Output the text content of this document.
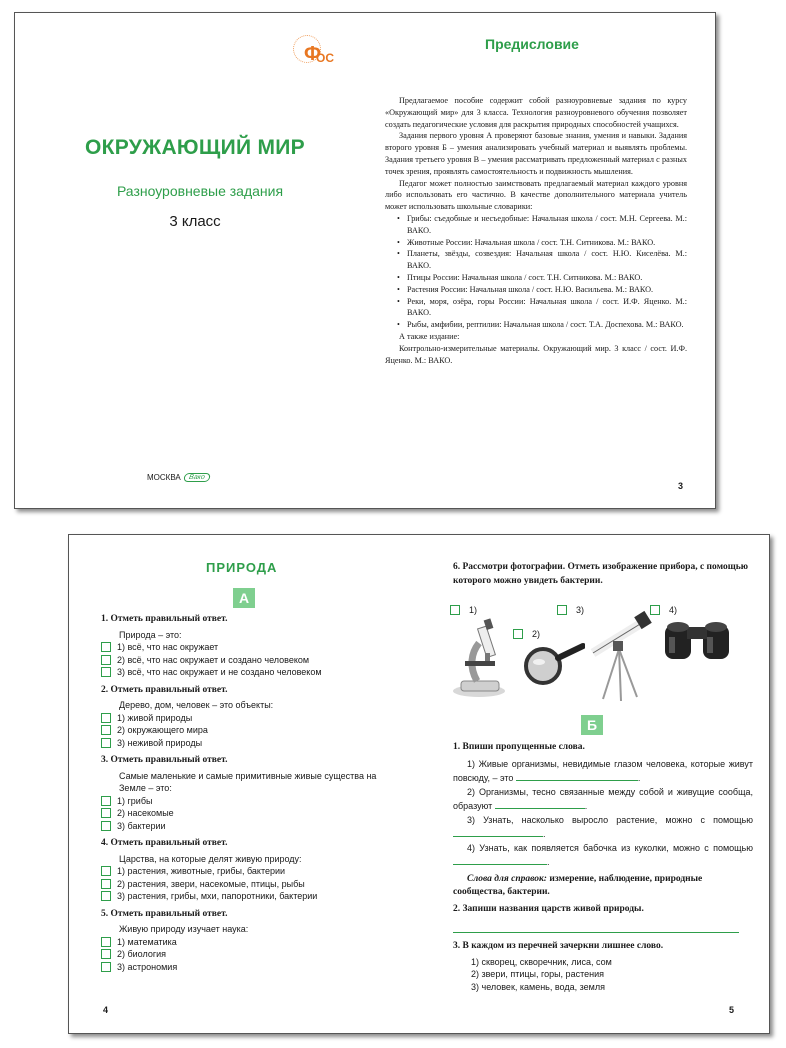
Ф
ОС
ОКРУЖАЮЩИЙ МИР
Разноуровневые задания
3 класс
МОСКВА	Вако
Предисловие

Предлагаемое пособие содержит собой разноуровневые задания по курсу «Окружающий мир» для 3 класса. Технология разноуровневого обучения позволяет создать педагогические условия для раскрытия природных способностей учащихся.

Задания первого уровня А проверяют базовые знания, умения и навыки. Задания второго уровня Б – умения анализировать учебный материал и выявлять проблемы. Задания третьего уровня В – умения рассматривать предложенный материал с разных точек зрения, проявлять самостоятельность и подвижность мышления.

Педагог может полностью заимствовать предлагаемый материал каждого уровня либо использовать его частично. В качестве дополнительного материала учитель может использовать школьные словарики:

• Грибы: съедобные и несъедобные: Начальная школа / сост. М.Н. Сергеева. М.: ВАКО.
• Животные России: Начальная школа / сост. Т.Н. Ситникова. М.: ВАКО.
• Планеты, звёзды, созвездия: Начальная школа / сост. Н.Ю. Киселёва. М.: ВАКО.
• Птицы России: Начальная школа / сост. Т.Н. Ситникова. М.: ВАКО.
• Растения России: Начальная школа / сост. Н.Ю. Васильева. М.: ВАКО.
• Реки, моря, озёра, горы России: Начальная школа / сост. И.Ф. Яценко. М.: ВАКО.
• Рыбы, амфибии, рептилии: Начальная школа / сост. Т.А. Доспехова. М.: ВАКО.

А также издание:

Контрольно-измерительные материалы. Окружающий мир. 3 класс / сост. И.Ф. Яценко. М.: ВАКО.

3
ПРИРОДА
А
1. Отметь правильный ответ.
Природа – это:
1) всё, что нас окружает
2) всё, что нас окружает и создано человеком
3) всё, что нас окружает и не создано человеком
2. Отметь правильный ответ.
Дерево, дом, человек – это объекты:
1) живой природы
2) окружающего мира
3) неживой природы
3. Отметь правильный ответ.
Самые маленькие и самые примитивные живые существа на Земле – это:
1) грибы
2) насекомые
3) бактерии
4. Отметь правильный ответ.
Царства, на которые делят живую природу:
1) растения, животные, грибы, бактерии
2) растения, звери, насекомые, птицы, рыбы
3) растения, грибы, мхи, папоротники, бактерии
5. Отметь правильный ответ.
Живую природу изучает наука:
1) математика
2) биология
3) астрономия
4
6. Рассмотри фотографии. Отметь изображение прибора, с помощью которого можно увидеть бактерии.
1)
2)
3)	4)
Б
1. Впиши пропущенные слова.
1) Живые организмы, невидимые глазом человека, которые живут повсюду, – это	.
2) Организмы, тесно связанные между собой и живущие сообща, образуют	.
3) Узнать, насколько выросло растение, можно с помощью .
4) Узнать, как появляется бабочка из куколки, можно с помощью .
Слова для справок: измерение, наблюдение, природные сообщества, бактерии.
2. Запиши названия царств живой природы.
3. В каждом из перечней зачеркни лишнее слово.
1) скворец, скворечник, лиса, сом
2) звери, птицы, горы, растения
3) человек, камень, вода, земля
5
